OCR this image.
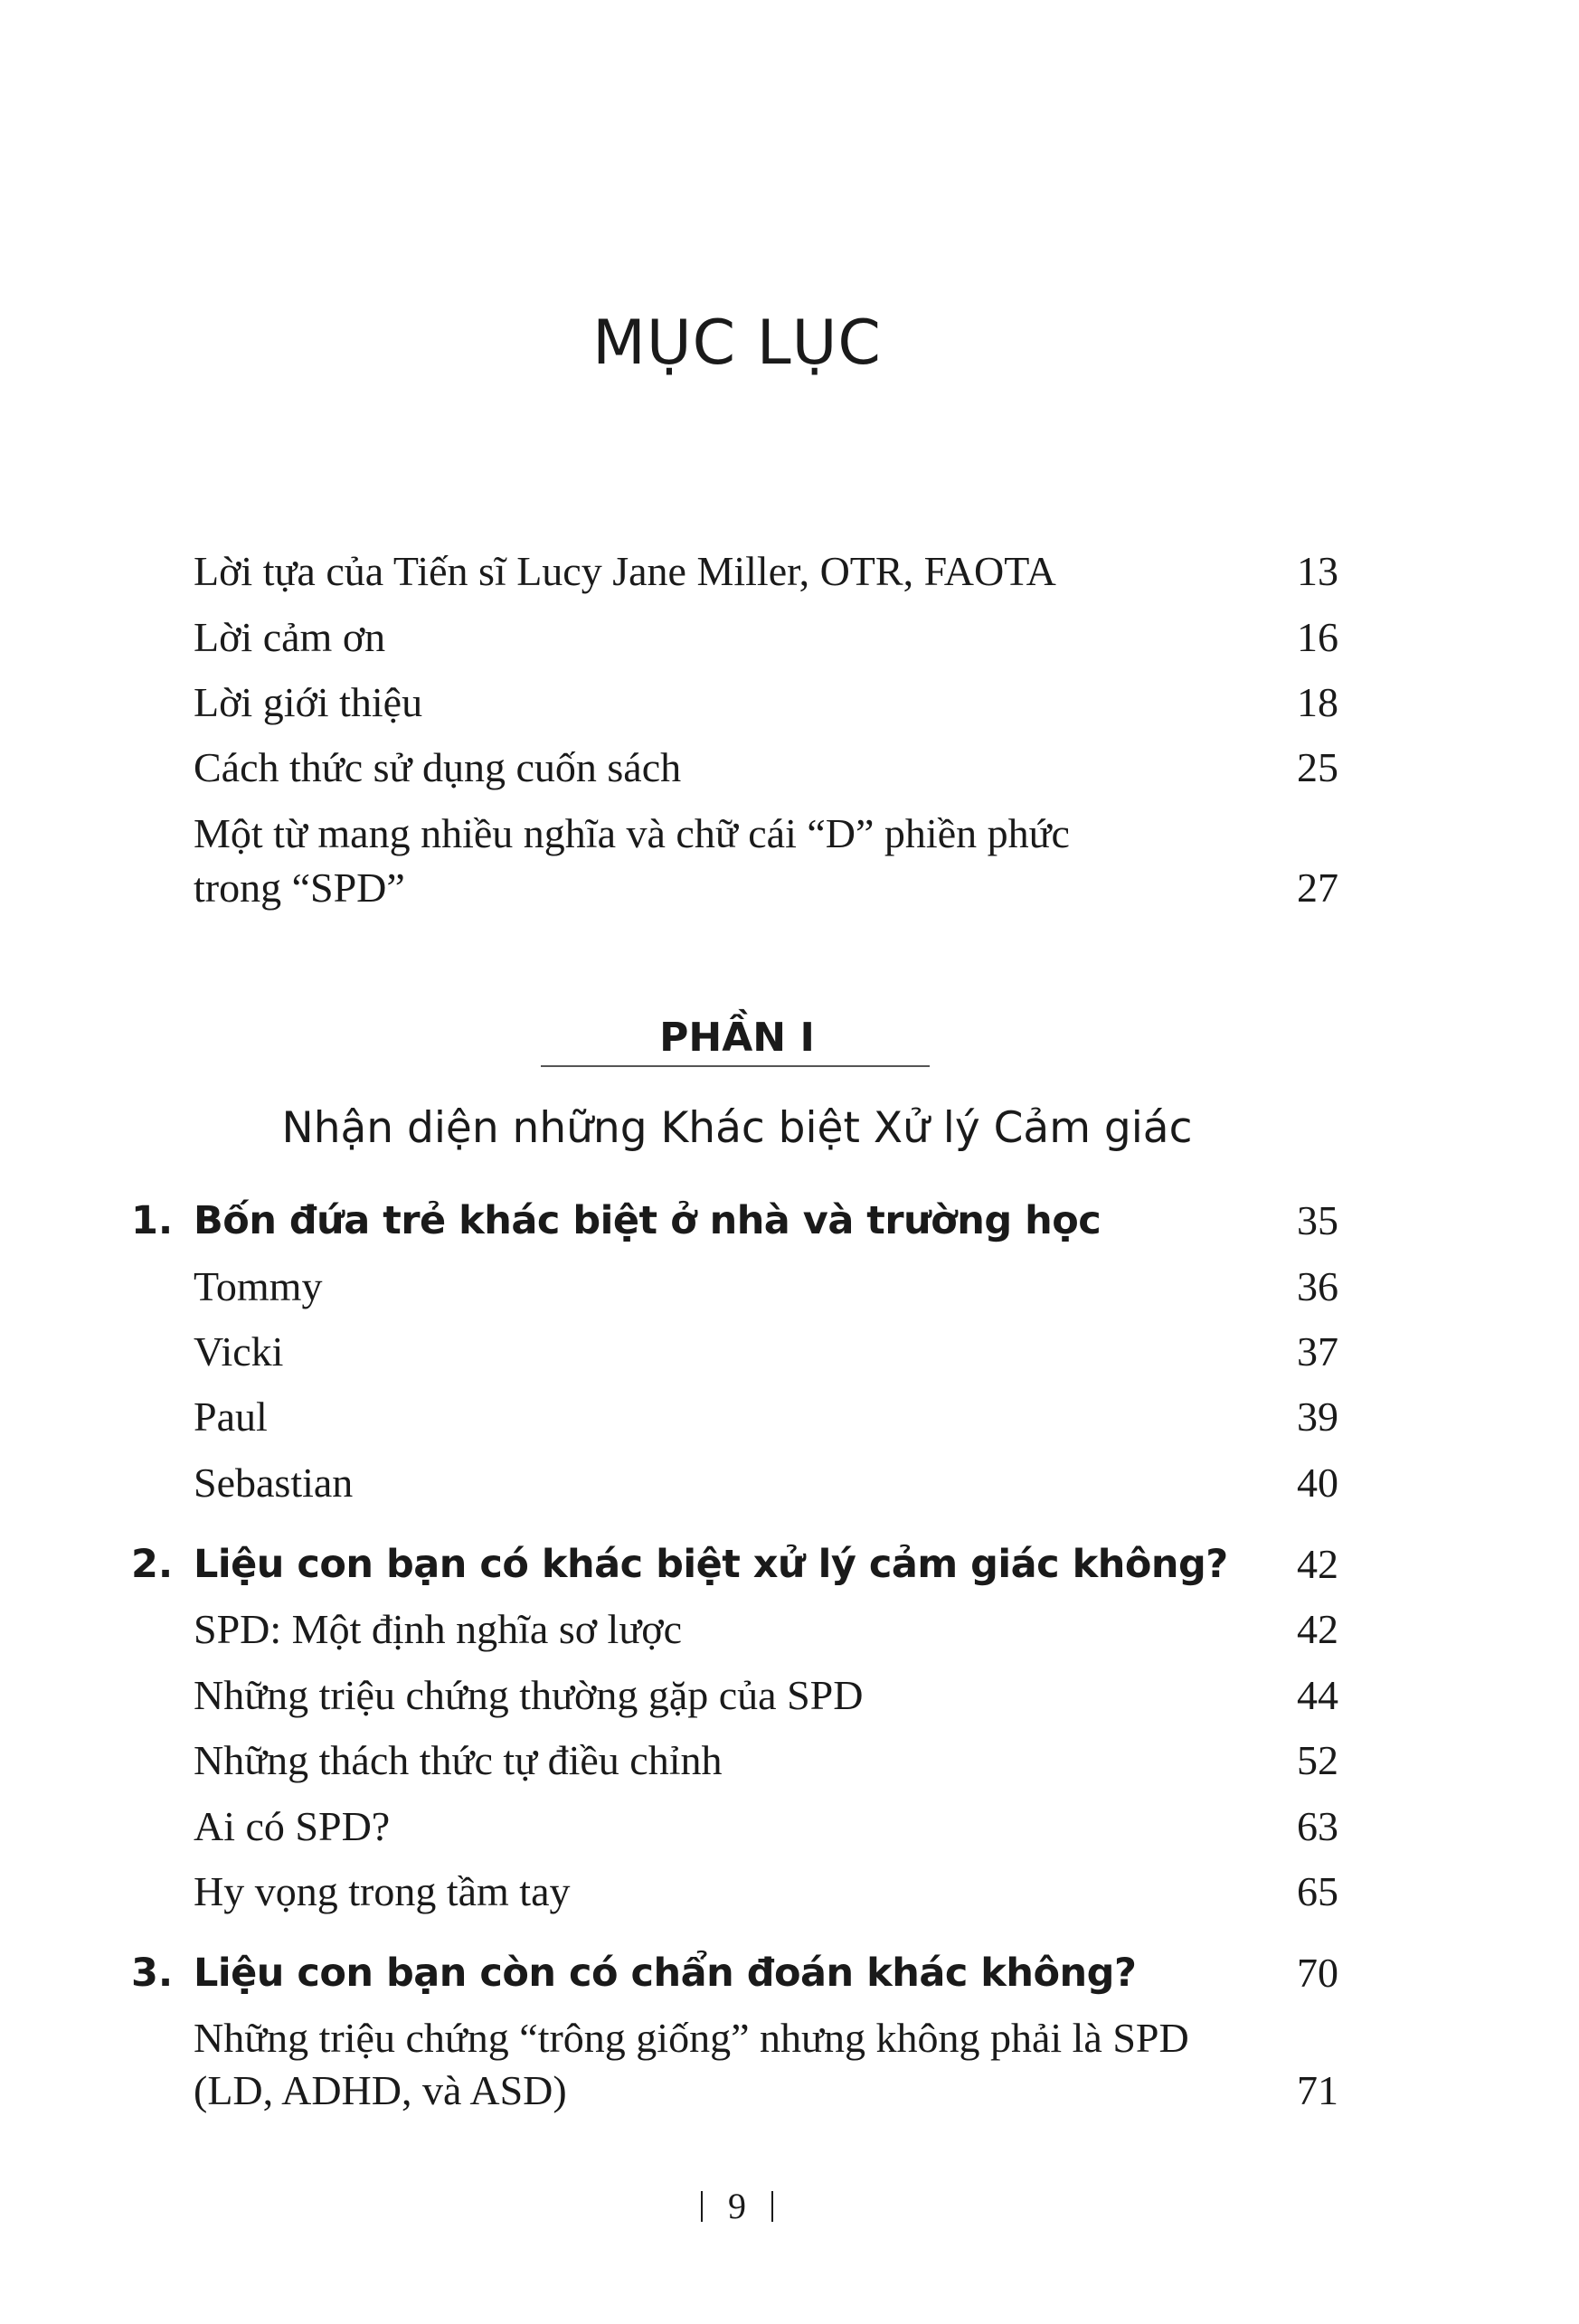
MỤC LỤC
Lời tựa của Tiến sĩ Lucy Jane Miller, OTR, FAOTA	13
Lời cảm ơn	16
Lời giới thiệu	18
Cách thức sử dụng cuốn sách	25
Một từ mang nhiều nghĩa và chữ cái “D” phiền phức
trong “SPD”	27
PHẦN I
Nhận diện những Khác biệt Xử lý Cảm giác
1. Bốn đứa trẻ khác biệt ở nhà và trường học	35
Tommy	36
Vicki	37
Paul	39
Sebastian	40
2. Liệu con bạn có khác biệt xử lý cảm giác không?	42
SPD: Một định nghĩa sơ lược	42
Những triệu chứng thường gặp của SPD	44
Những thách thức tự điều chỉnh	52
Ai có SPD?	63
Hy vọng trong tầm tay	65
3. Liệu con bạn còn có chẩn đoán khác không?	70
Những triệu chứng “trông giống” nhưng không phải là SPD
(LD, ADHD, và ASD)	71
9
